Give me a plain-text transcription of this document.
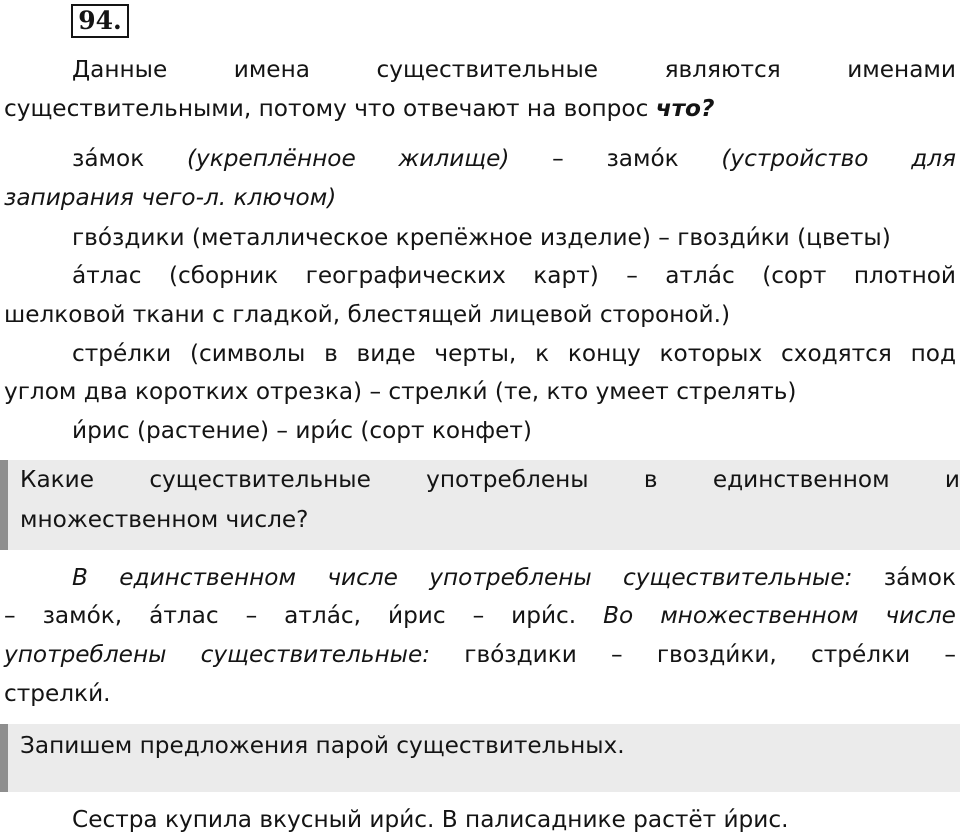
94.
Данные	имена	существительные	являются	именами
существительными, потому что отвечают на вопрос что?
за́мок (укреплённое жилище) – замо́к (устройство для
запирания чего-л. ключом)
гво́здики (металлическое крепёжное изделие) – гвозди́ки (цветы)
а́тлас (сборник географических карт) – атла́с (сорт плотной
шелковой ткани с гладкой, блестящей лицевой стороной.)
стре́лки (символы в виде черты, к концу которых сходятся под
углом два коротких отрезка) – стрелки́ (те, кто умеет стрелять)
и́рис (растение) – ири́с (сорт конфет)
Какие существительные употреблены в единственном и
множественном числе?
В единственном числе употреблены существительные: за́мок
– замо́к, а́тлас – атла́с, и́рис – ири́с. Во множественном числе
употреблены существительные: гво́здики – гвозди́ки, стре́лки –
стрелки́.
Запишем предложения парой существительных.
Сестра купила вкусный ири́с. В палисаднике растёт и́рис.
